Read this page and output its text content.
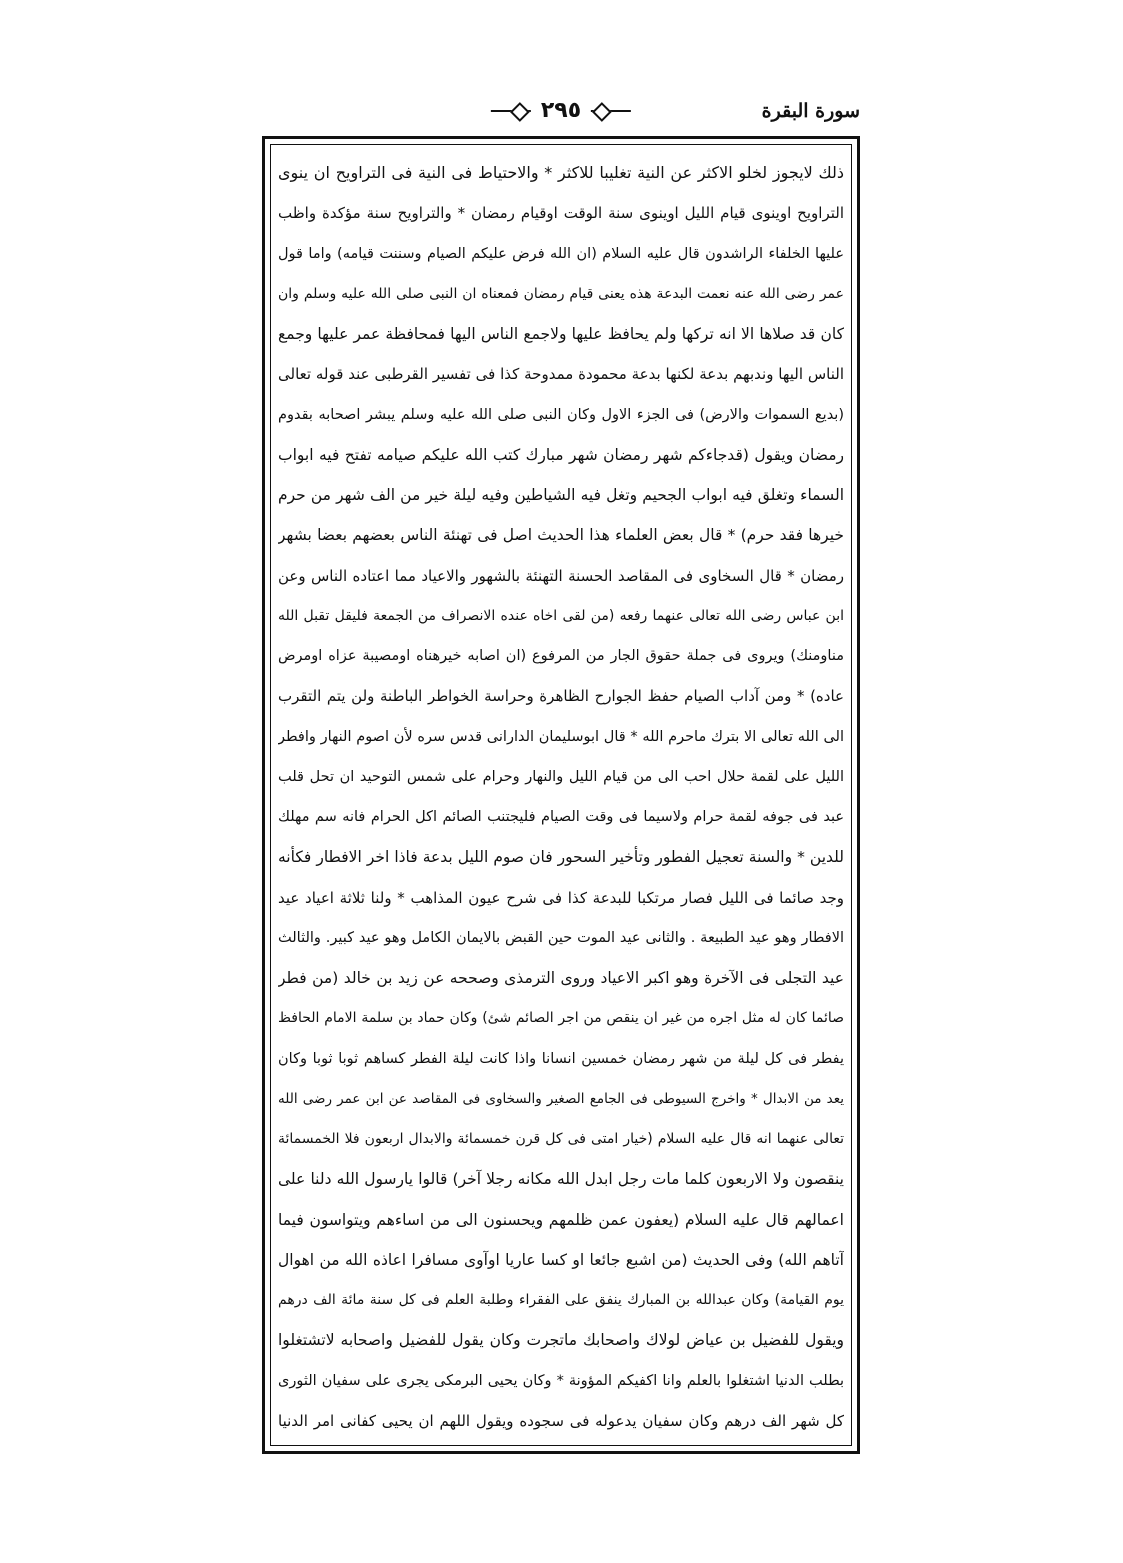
سورة البقرة
٢٩٥
ذلك لايجوز لخلو الاكثر عن النية تغليبا للاكثر * والاحتياط فى النية فى التراويح ان ينوى
التراويح اوينوى قيام الليل اوينوى سنة الوقت اوقيام رمضان * والتراويح سنة مؤكدة واظب
عليها الخلفاء الراشدون قال عليه السلام (ان الله فرض عليكم الصيام وسننت قيامه) واما قول
عمر رضى الله عنه نعمت البدعة هذه يعنى قيام رمضان فمعناه ان النبى صلى الله عليه وسلم وان
كان قد صلاها الا انه تركها ولم يحافظ عليها ولاجمع الناس اليها فمحافظة عمر عليها وجمع
الناس اليها وندبهم بدعة لكنها بدعة محمودة ممدوحة كذا فى تفسير القرطبى عند قوله تعالى
(بديع السموات والارض) فى الجزء الاول وكان النبى صلى الله عليه وسلم يبشر اصحابه بقدوم
رمضان ويقول (قدجاءكم شهر رمضان شهر مبارك كتب الله عليكم صيامه تفتح فيه ابواب
السماء وتغلق فيه ابواب الجحيم وتغل فيه الشياطين وفيه ليلة خير من الف شهر من حرم
خيرها فقد حرم) * قال بعض العلماء هذا الحديث اصل فى تهنئة الناس بعضهم بعضا بشهر
رمضان * قال السخاوى فى المقاصد الحسنة التهنئة بالشهور والاعياد مما اعتاده الناس وعن
ابن عباس رضى الله تعالى عنهما رفعه (من لقى اخاه عنده الانصراف من الجمعة فليقل تقبل الله
مناومنك) ويروى فى جملة حقوق الجار من المرفوع (ان اصابه خيرهناه اومصيبة عزاه اومرض
عاده) * ومن آداب الصيام حفظ الجوارح الظاهرة وحراسة الخواطر الباطنة ولن يتم التقرب
الى الله تعالى الا بترك ماحرم الله * قال ابوسليمان الدارانى قدس سره لأن اصوم النهار وافطر
الليل على لقمة حلال احب الى من قيام الليل والنهار وحرام على شمس التوحيد ان تحل قلب
عبد فى جوفه لقمة حرام ولاسيما فى وقت الصيام فليجتنب الصائم اكل الحرام فانه سم مهلك
للدين * والسنة تعجيل الفطور وتأخير السحور فان صوم الليل بدعة فاذا اخر الافطار فكأنه
وجد صائما فى الليل فصار مرتكبا للبدعة كذا فى شرح عيون المذاهب * ولنا ثلاثة اعياد عيد
الافطار وهو عيد الطبيعة . والثانى عيد الموت حين القبض بالايمان الكامل وهو عيد كبير. والثالث
عيد التجلى فى الآخرة وهو اكبر الاعياد وروى الترمذى وصححه عن زيد بن خالد (من فطر
صائما كان له مثل اجره من غير ان ينقص من اجر الصائم شئ) وكان حماد بن سلمة الامام الحافظ
يفطر فى كل ليلة من شهر رمضان خمسين انسانا واذا كانت ليلة الفطر كساهم ثوبا ثوبا وكان
يعد من الابدال * واخرج السيوطى فى الجامع الصغير والسخاوى فى المقاصد عن ابن عمر رضى الله
تعالى عنهما انه قال عليه السلام (خيار امتى فى كل قرن خمسمائة والابدال اربعون فلا الخمسمائة
ينقصون ولا الاربعون كلما مات رجل ابدل الله مكانه رجلا آخر) قالوا يارسول الله دلنا على
اعمالهم قال عليه السلام (يعفون عمن ظلمهم ويحسنون الى من اساءهم ويتواسون فيما
آتاهم الله) وفى الحديث (من اشبع جائعا او كسا عاريا اوآوى مسافرا اعاذه الله من اهوال
يوم القيامة) وكان عبدالله بن المبارك ينفق على الفقراء وطلبة العلم فى كل سنة مائة الف درهم
ويقول للفضيل بن عياض لولاك واصحابك ماتجرت وكان يقول للفضيل واصحابه لاتشتغلوا
بطلب الدنيا اشتغلوا بالعلم وانا اكفيكم المؤونة * وكان يحيى البرمكى يجرى على سفيان الثورى
كل شهر الف درهم وكان سفيان يدعوله فى سجوده ويقول اللهم ان يحيى كفانى امر الدنيا
